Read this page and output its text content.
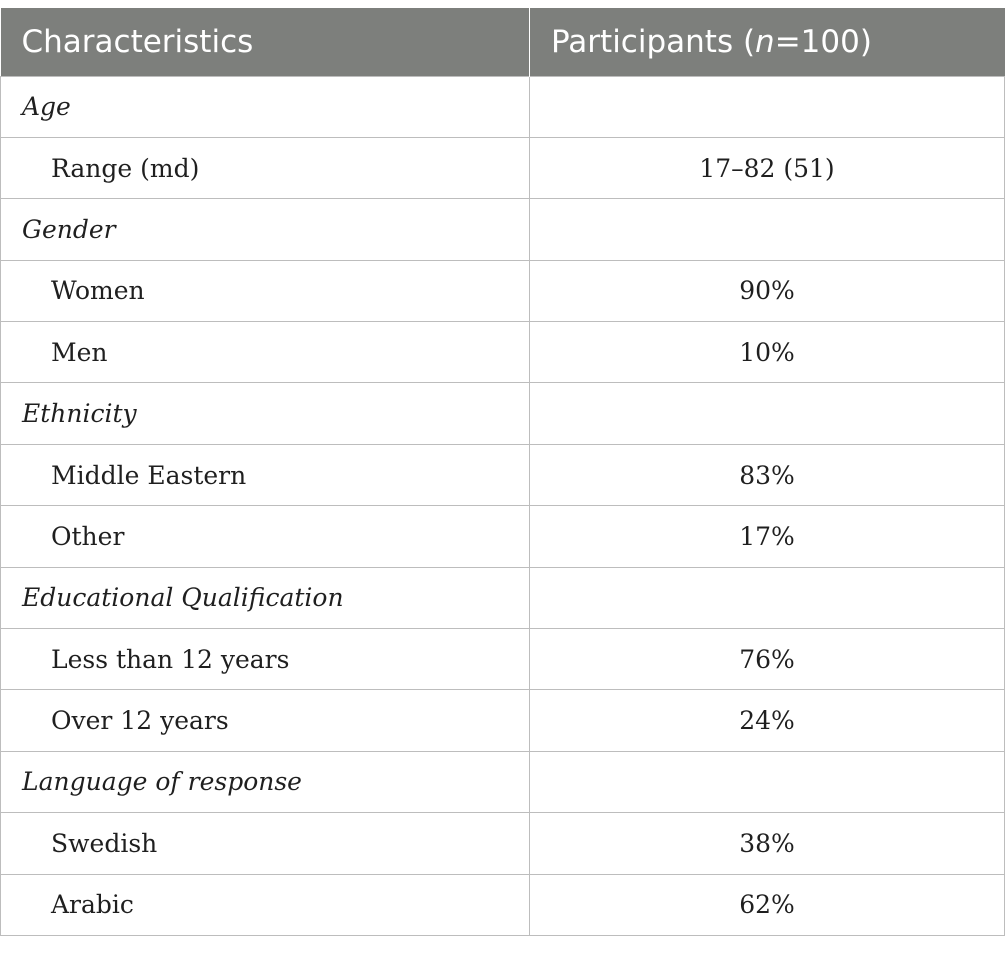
Characteristics	Participants (n=100)
Age	
Range (md)	17–82 (51)
Gender	
Women	90%
Men	10%
Ethnicity	
Middle Eastern	83%
Other	17%
Educational Qualification	
Less than 12 years	76%
Over 12 years	24%
Language of response	
Swedish	38%
Arabic	62%
